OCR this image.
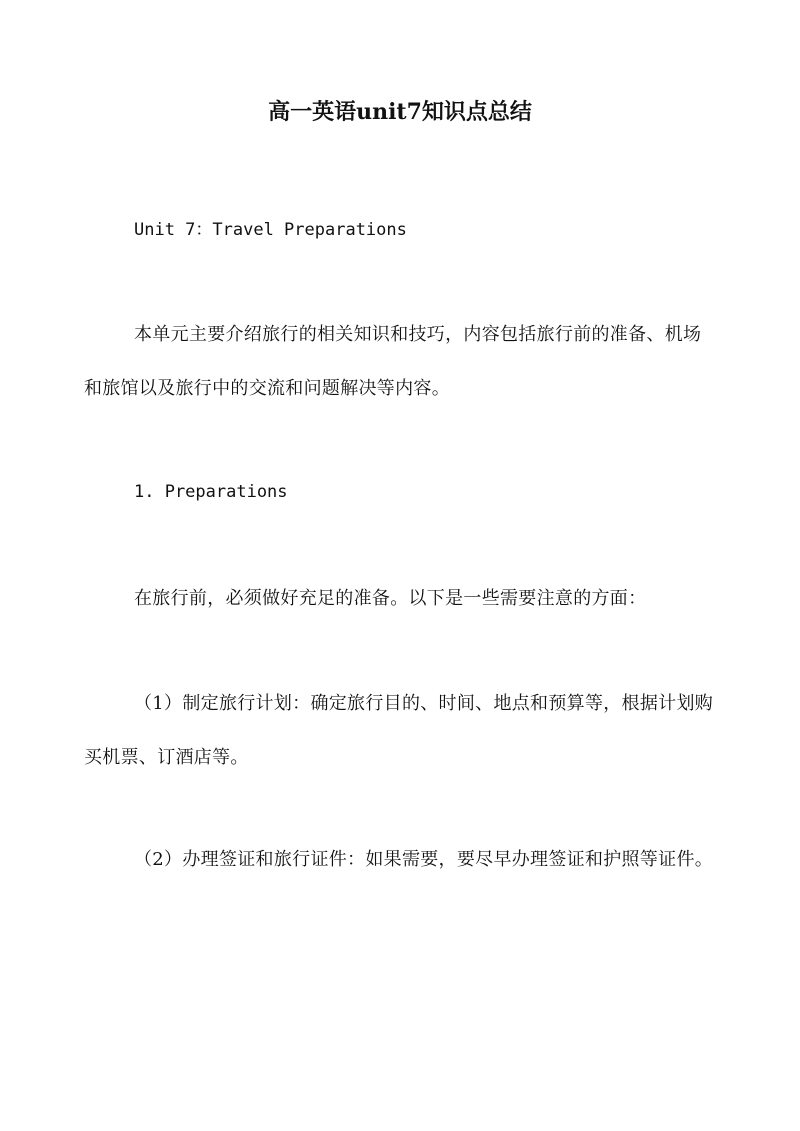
高一英语unit7知识点总结

Unit 7：Travel Preparations

本单元主要介绍旅行的相关知识和技巧，内容包括旅行前的准备、机场和旅馆以及旅行中的交流和问题解决等内容。

1. Preparations

在旅行前，必须做好充足的准备。以下是一些需要注意的方面：

（1）制定旅行计划：确定旅行目的、时间、地点和预算等，根据计划购买机票、订酒店等。

（2）办理签证和旅行证件：如果需要，要尽早办理签证和护照等证件。
